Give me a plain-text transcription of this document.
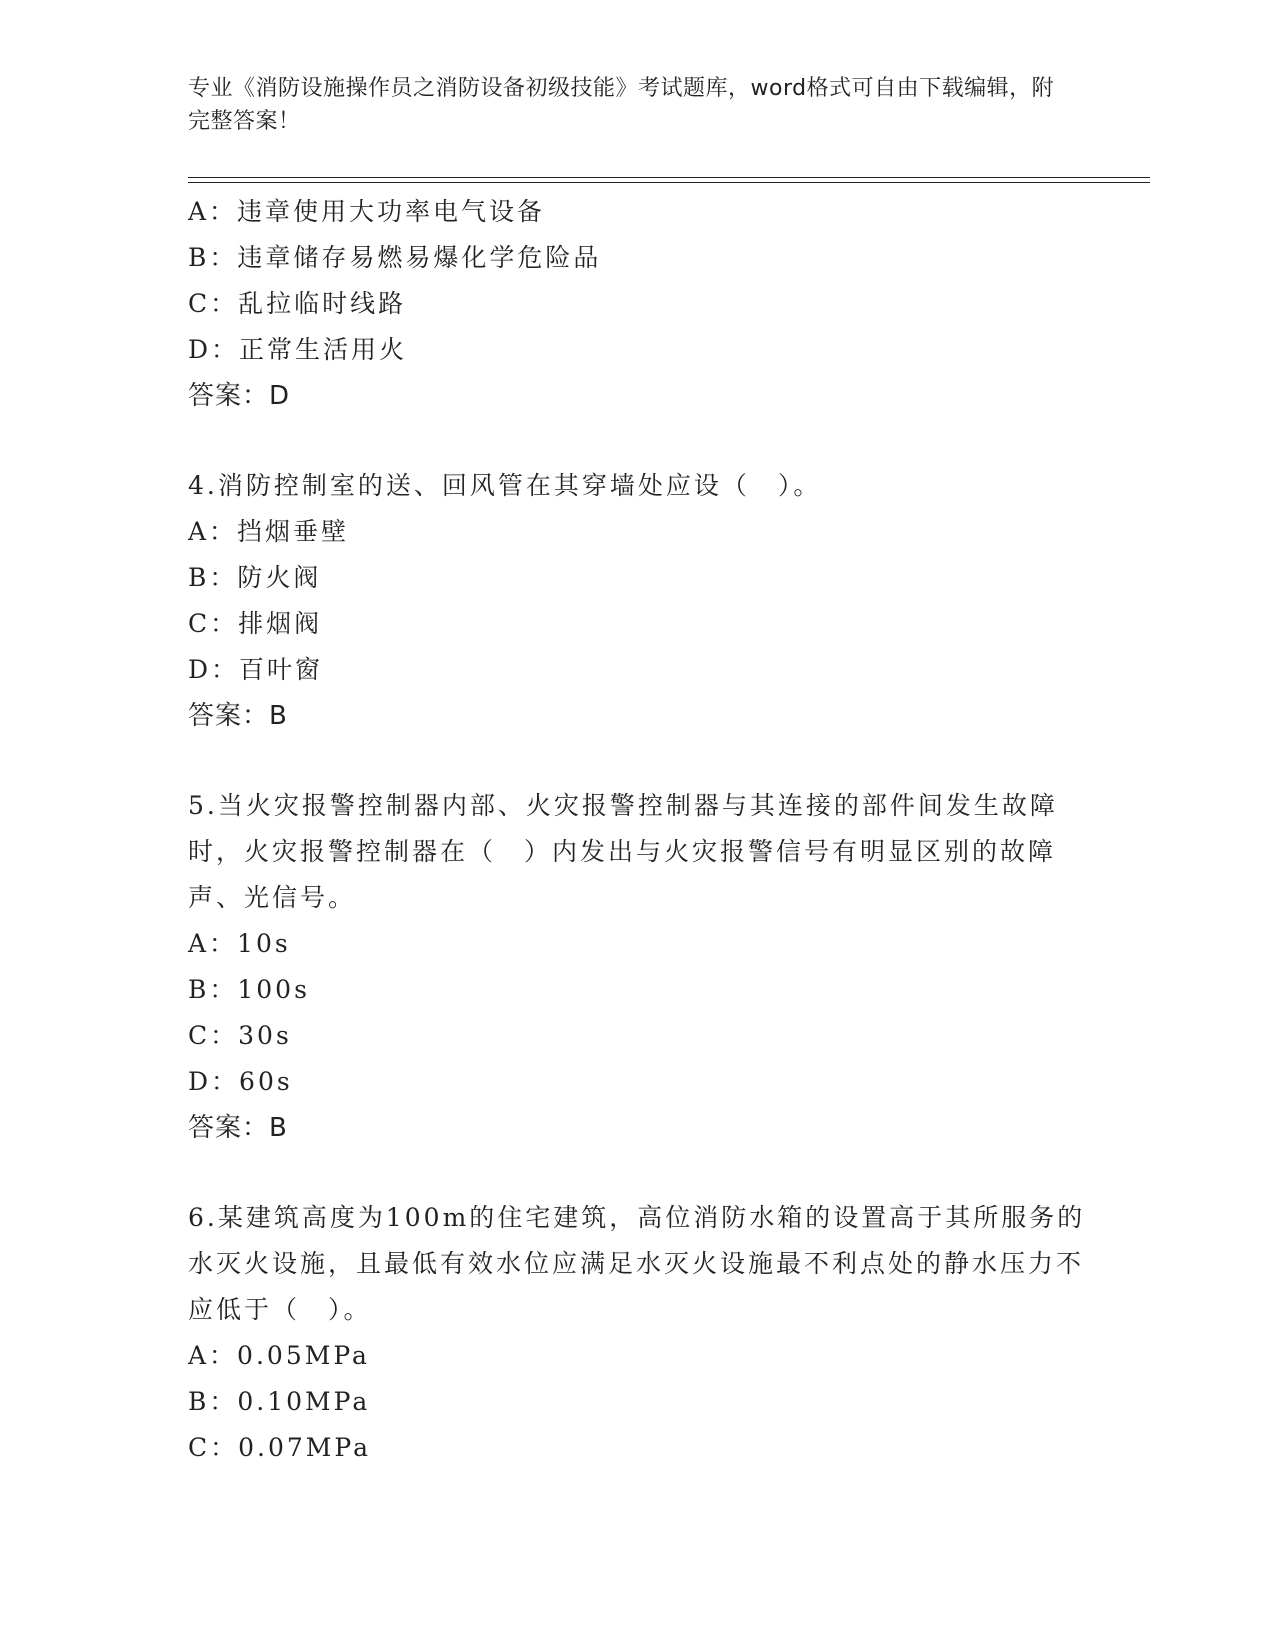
专业《消防设施操作员之消防设备初级技能》考试题库，word格式可自由下载编辑，附完整答案！
A：违章使用大功率电气设备
B：违章储存易燃易爆化学危险品
C：乱拉临时线路
D：正常生活用火
答案：D
4.消防控制室的送、回风管在其穿墙处应设（　）。
A：挡烟垂壁
B：防火阀
C：排烟阀
D：百叶窗
答案：B
5.当火灾报警控制器内部、火灾报警控制器与其连接的部件间发生故障时，火灾报警控制器在（　）内发出与火灾报警信号有明显区别的故障声、光信号。
A：10s
B：100s
C：30s
D：60s
答案：B
6.某建筑高度为100m的住宅建筑，高位消防水箱的设置高于其所服务的水灭火设施，且最低有效水位应满足水灭火设施最不利点处的静水压力不应低于（　）。
A：0.05MPa
B：0.10MPa
C：0.07MPa
